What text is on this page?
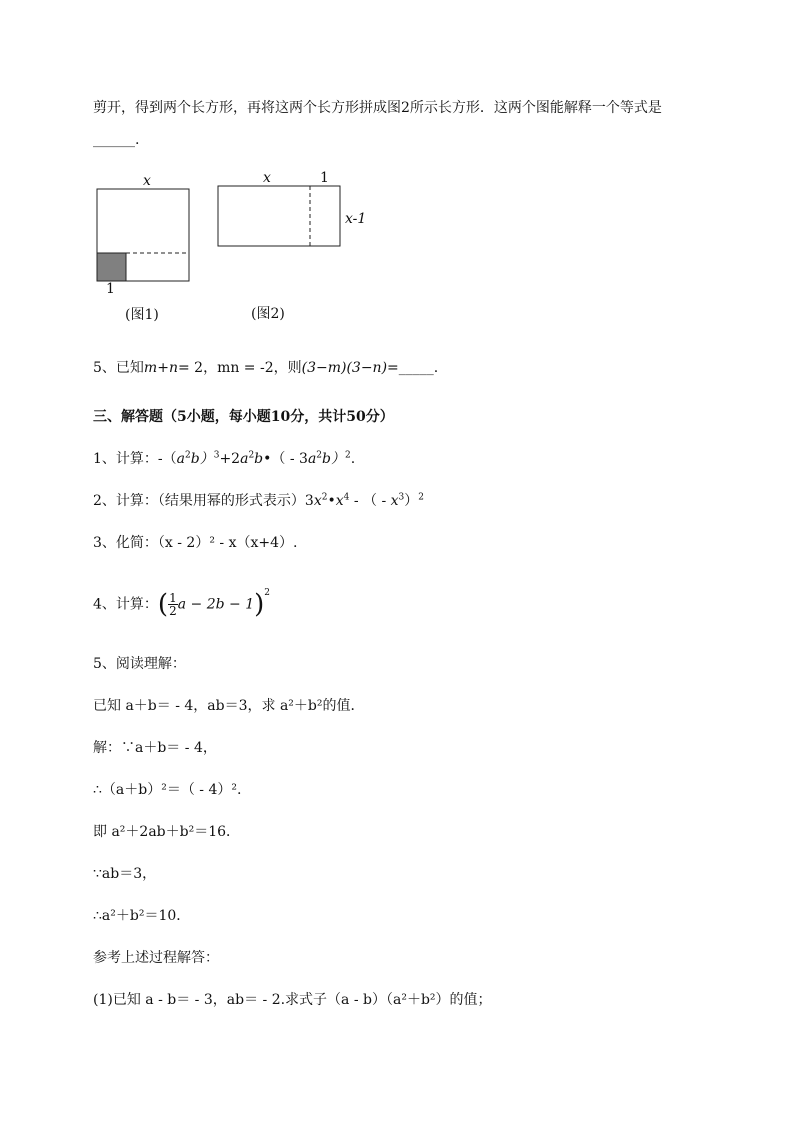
剪开，得到两个长方形，再将这两个长方形拼成图2所示长方形．这两个图能解释一个等式是
______.
x
1
(图1)
x	1
x-1
(图2)
5、已知m+n= 2，mn = -2，则(3−m)(3−n)=_____.
三、解答题（5小题，每小题10分，共计50分）
1、计算：$-(a^2b)^3+2a^2b•( - 3a^2b)^2$.
2、计算：（结果用幂的形式表示）$3x^2•x^4$ - （ - $x^3)^2$
3、化简：（x - 2）² - x（x+4）.
4、计算：( $\frac{1}{2}$ a − 2b − 1)$^2$
5、阅读理解：
已知 a＋b＝ - 4，ab＝3，求 a²＋b²的值．
解：∵a＋b＝ - 4，
∴（a＋b）²＝（ - 4）².
即 a²＋2ab＋b²＝16．
∵ab＝3，
∴a²＋b²＝10．
参考上述过程解答：
(1)已知 a - b＝ - 3，ab＝ - 2.求式子（a - b）（a²＋b²）的值；
